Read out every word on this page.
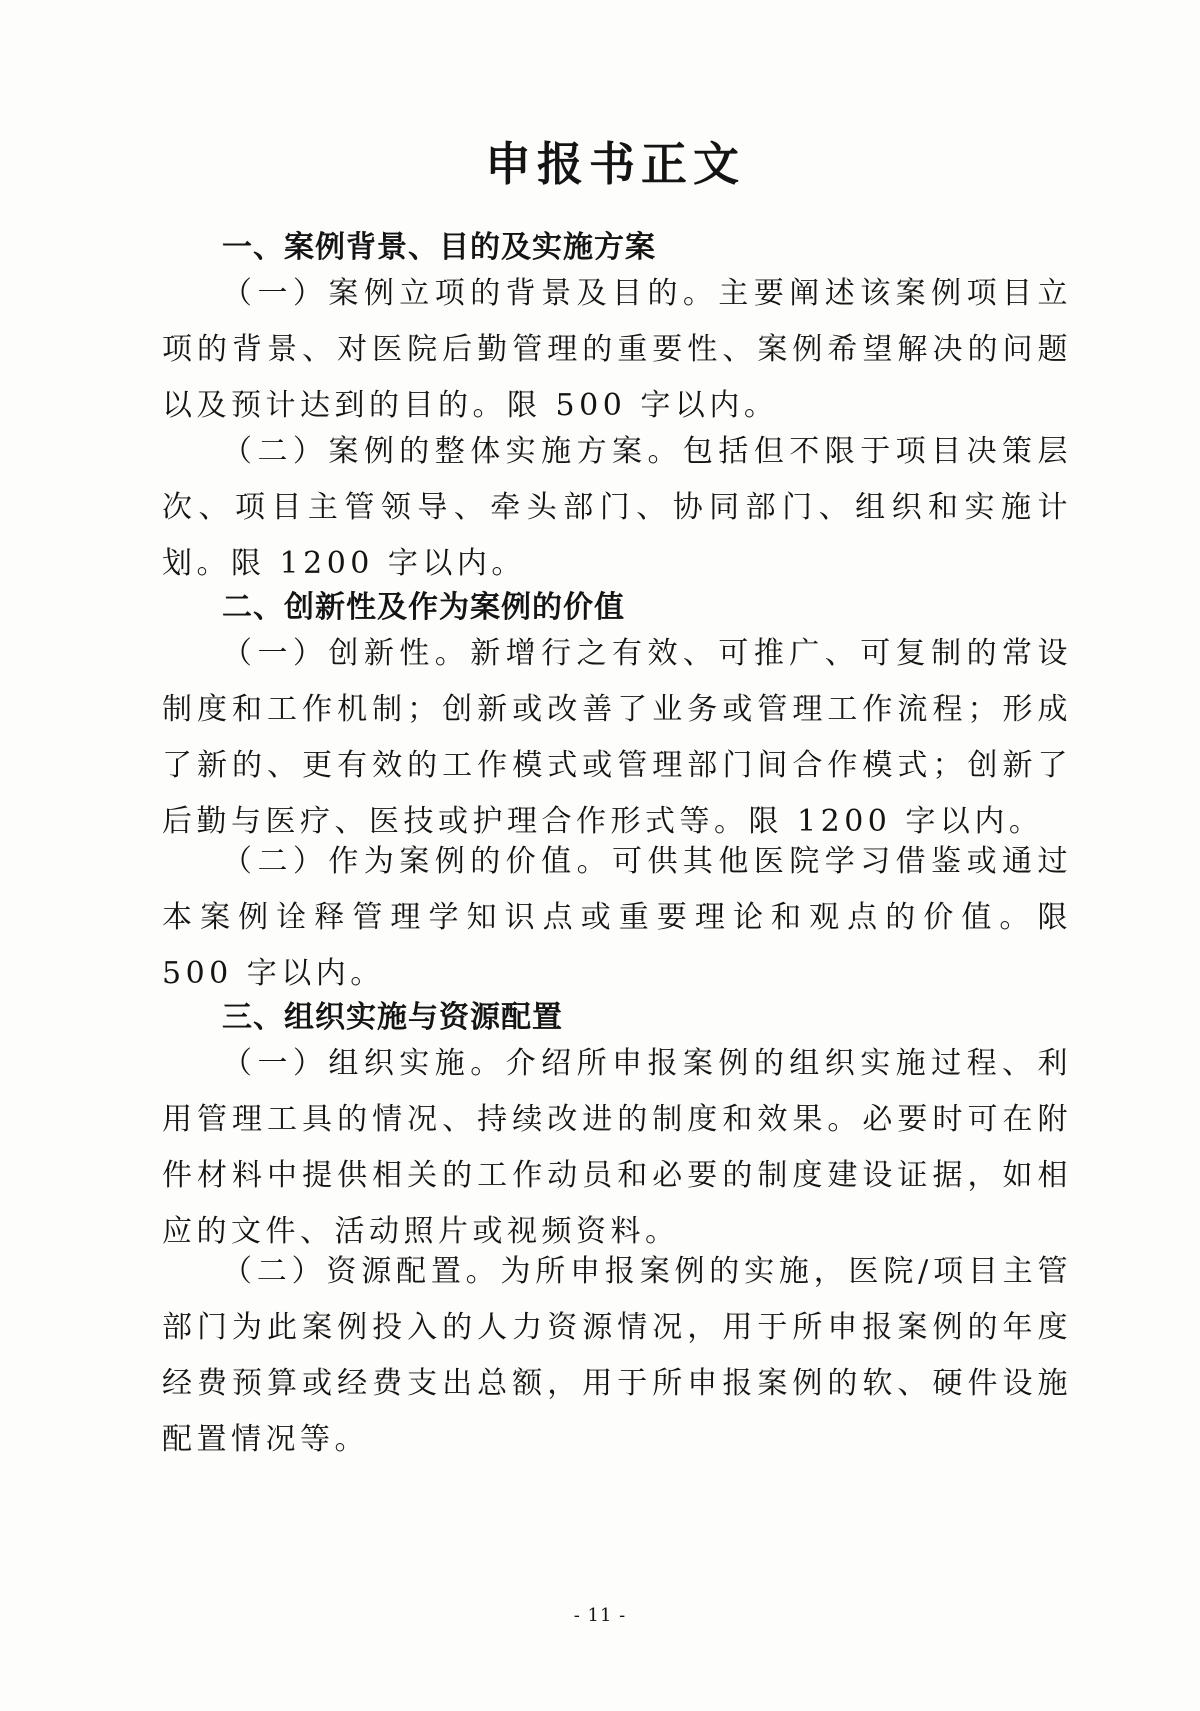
申报书正文
一、案例背景、目的及实施方案

（一）案例立项的背景及目的。主要阐述该案例项目立项的背景、对医院后勤管理的重要性、案例希望解决的问题以及预计达到的目的。限 500 字以内。

（二）案例的整体实施方案。包括但不限于项目决策层次、项目主管领导、牵头部门、协同部门、组织和实施计划。限 1200 字以内。

二、创新性及作为案例的价值

（一）创新性。新增行之有效、可推广、可复制的常设制度和工作机制；创新或改善了业务或管理工作流程；形成了新的、更有效的工作模式或管理部门间合作模式；创新了后勤与医疗、医技或护理合作形式等。限 1200 字以内。

（二）作为案例的价值。可供其他医院学习借鉴或通过本案例诠释管理学知识点或重要理论和观点的价值。限 500 字以内。

三、组织实施与资源配置

（一）组织实施。介绍所申报案例的组织实施过程、利用管理工具的情况、持续改进的制度和效果。必要时可在附件材料中提供相关的工作动员和必要的制度建设证据，如相应的文件、活动照片或视频资料。

（二）资源配置。为所申报案例的实施，医院/项目主管部门为此案例投入的人力资源情况，用于所申报案例的年度经费预算或经费支出总额，用于所申报案例的软、硬件设施配置情况等。

- 11 -
